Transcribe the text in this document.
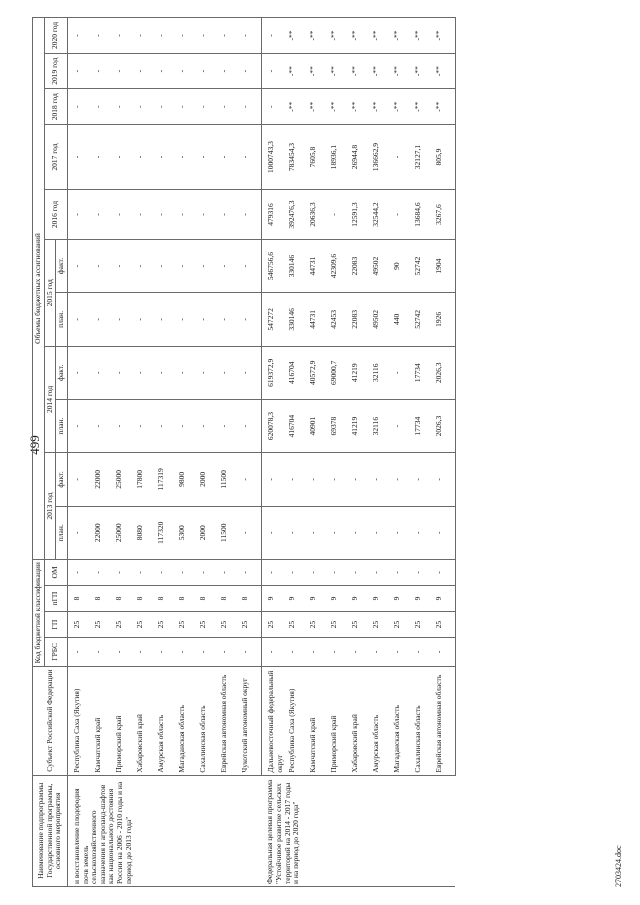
499
Наименование подпрограммы Государственной программы, основного мероприятия	Субъект Российской Федерации	Код бюджетной классификации				Объемы бюджетных ассигнований										
		ГРБС	ГП	пГП	ОМ	2013 год		2014 год		2015 год		2016 год	2017 год	2018 год	2019 год	2020 год
						план.	факт.	план.	факт.	план.	факт.					
и восстановление плодородия почв земель сельскохозяйственного назначения и агроланд-шафтов как национального достояния России на 2006 - 2010 годы и на период до 2013 года"	Республика Саха (Якутия)	-	25	8	-	-	-	-	-	-	-	-	-	-	-	-
	Камчатский край	-	25	8	-	22000	22000	-	-	-	-	-	-	-	-	-
	Приморский край	-	25	8	-	25000	25000	-	-	-	-	-	-	-	-	-
	Хабаровский край	-	25	8	-	8080	17800	-	-	-	-	-	-	-	-	-
	Амурская область	-	25	8	-	117320	117319	-	-	-	-	-	-	-	-	-
	Магаданская область	-	25	8	-	5300	9800	-	-	-	-	-	-	-	-	-
	Сахалинская область	-	25	8	-	2000	2000	-	-	-	-	-	-	-	-	-
	Еврейская автономная область	-	25	8	-	11500	11500	-	-	-	-	-	-	-	-	-
	Чукотский автономный округ	-	25	8	-	-	-	-	-	-	-	-	-	-	-	-
Федеральная целевая программа "Устойчивое развитие сельских территорий на 2014 - 2017 годы и на период до 2020 года"	Дальневосточный федеральный округ	-	25	9	-	-	-	620078,3	619372,9	547272	546756,6	479316	1000743,3	-	-	-
	Республика Саха (Якутия)	-	25	9	-	-	-	416704	416704	330146	330146	392476,3	783454,3	-**	-**	-**
	Камчатский край	-	25	9	-	-	-	40901	40572,9	44731	44731	20636,3	7605,8	-**	-**	-**
	Приморский край	-	25	9	-	-	-	69378	69000,7	42453	42309,6	-	18936,1	-**	-**	-**
	Хабаровский край	-	25	9	-	-	-	41219	41219	22083	22083	12591,3	26944,8	-**	-**	-**
	Амурская область	-	25	9	-	-	-	32116	32116	49502	49502	32544,2	136662,9	-**	-**	-**
	Магаданская область	-	25	9	-	-	-	-	-	440	90	-	-	-**	-**	-**
	Сахалинская область	-	25	9	-	-	-	17734	17734	52742	52742	13684,6	32127,1	-**	-**	-**
	Еврейская автономная область	-	25	9	-	-	-	2026,3	2026,3	1926	1904	3267,6	805,9	-**	-**	-**
2703424.doc
